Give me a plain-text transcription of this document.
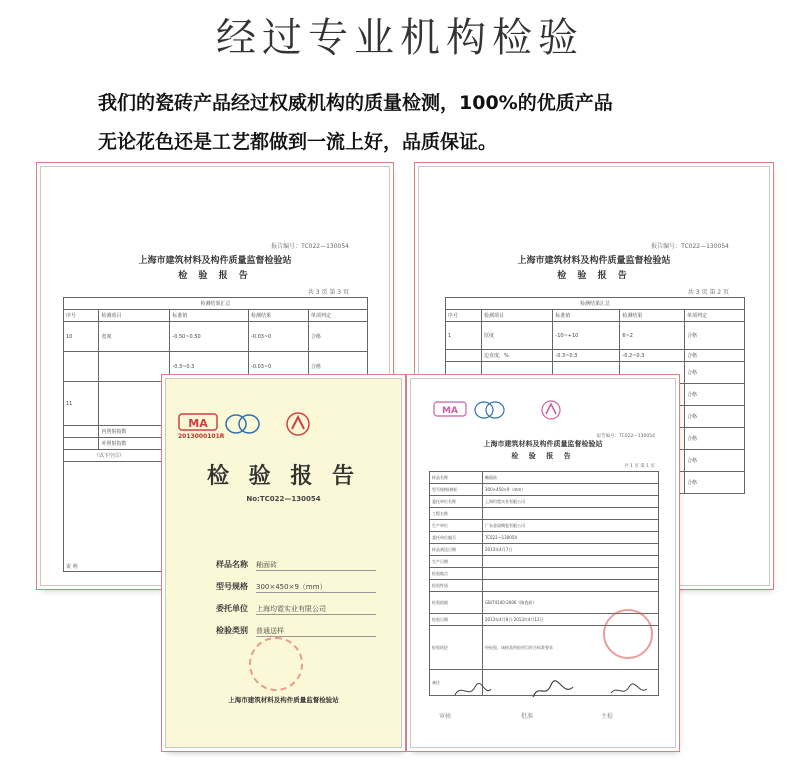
经过专业机构检验
我们的瓷砖产品经过权威机构的质量检测，100%的优质产品
无论花色还是工艺都做到一流上好，品质保证。
报告编号：TC022—130054
上海市建筑材料及构件质量监督检验站
检 验 报 告
共 3 页 第 3 页
检测结果汇总				
序号	检测项目	标准值	检测结果	单项判定
10	宽度	-0.50~0.50	-0.03~0	合格
		-0.3~0.3	-0.03~0	合格
11				
	内照射指数			
	外照射指数			
（以下空白）				
说 明				
报告编号：TC022—130054
上海市建筑材料及构件质量监督检验站
检 验 报 告
共 3 页 第 2 页
检测结果汇总				
序号	检测项目	标准值	检测结果	单项判定
1	厚度	-10~+10	6~2	合格
	边直度，%	-0.3~0.3	-0.2~0.3	合格
				合格
				合格
				合格
				合格
				合格
				合格
MA
2013000101R
检 验 报 告
No:TC022—130054
样品名称 釉面砖
型号规格 300×450×9（mm）
委托单位 上海均霓实业有限公司
检验类别 普通送样
上海市建筑材料及构件质量监督检验站
MA
报告编号：TC022—130054
上海市建筑材料及构件质量监督检验站
检 验 报 告
共 1 页 第 1 页
样品名称	釉面砖
型号规格/商标	300×450×9（mm）
委托单位名称	上海均霓实业有限公司
工程名称	
生产单位	广东金晟陶瓷有限公司
委托单位编号	TC022—130054
样品到达日期	2013年4月7日
生产日期	
检验地点	
检验性质	
检验依据	GB/T4100-2006《陶瓷砖》
检验日期	2013年4月8日-2013年4月12日
检验结论	经检验，该样品所检项目符合标准要求
备注	
审核	批准	主检
